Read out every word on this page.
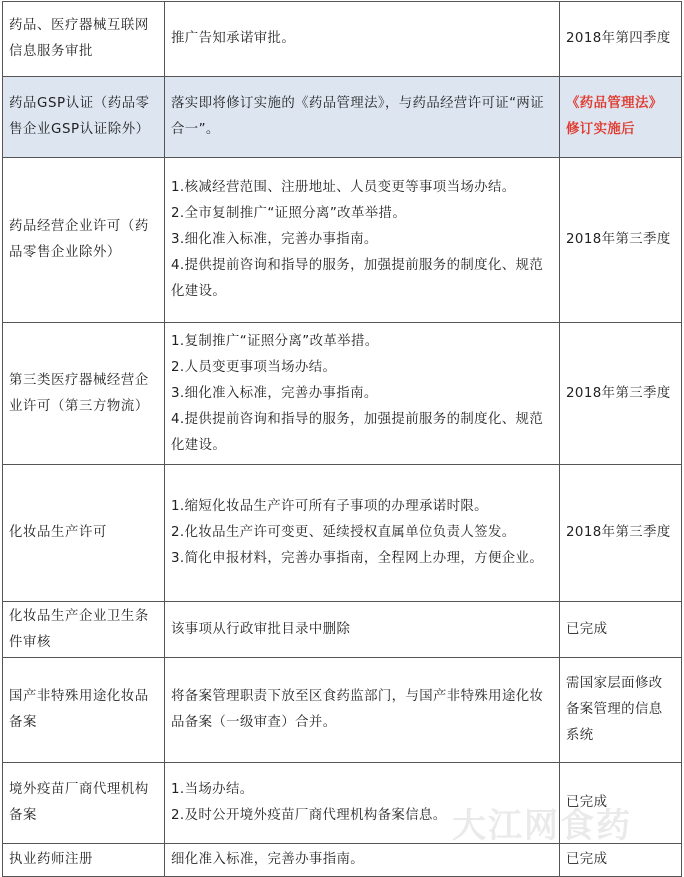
药品、医疗器械互联网信息服务审批	推广告知承诺审批。	2018年第四季度
药品GSP认证（药品零售企业GSP认证除外）	落实即将修订实施的《药品管理法》，与药品经营许可证“两证合一”。	《药品管理法》修订实施后
药品经营企业许可（药品零售企业除外）	1.核减经营范围、注册地址、人员变更等事项当场办结。
2.全市复制推广“证照分离”改革举措。
3.细化准入标准，完善办事指南。
4.提供提前咨询和指导的服务，加强提前服务的制度化、规范化建设。	2018年第三季度
第三类医疗器械经营企业许可（第三方物流）	1.复制推广“证照分离”改革举措。
2.人员变更事项当场办结。
3.细化准入标准，完善办事指南。
4.提供提前咨询和指导的服务，加强提前服务的制度化、规范化建设。	2018年第三季度
化妆品生产许可	1.缩短化妆品生产许可所有子事项的办理承诺时限。
2.化妆品生产许可变更、延续授权直属单位负责人签发。
3.简化申报材料，完善办事指南，全程网上办理，方便企业。	2018年第三季度
化妆品生产企业卫生条件审核	该事项从行政审批目录中删除	已完成
国产非特殊用途化妆品备案	将备案管理职责下放至区食药监部门，与国产非特殊用途化妆品备案（一级审查）合并。	需国家层面修改备案管理的信息系统
境外疫苗厂商代理机构备案	1.当场办结。
2.及时公开境外疫苗厂商代理机构备案信息。	已完成
执业药师注册	细化准入标准，完善办事指南。	已完成
大江网食药
